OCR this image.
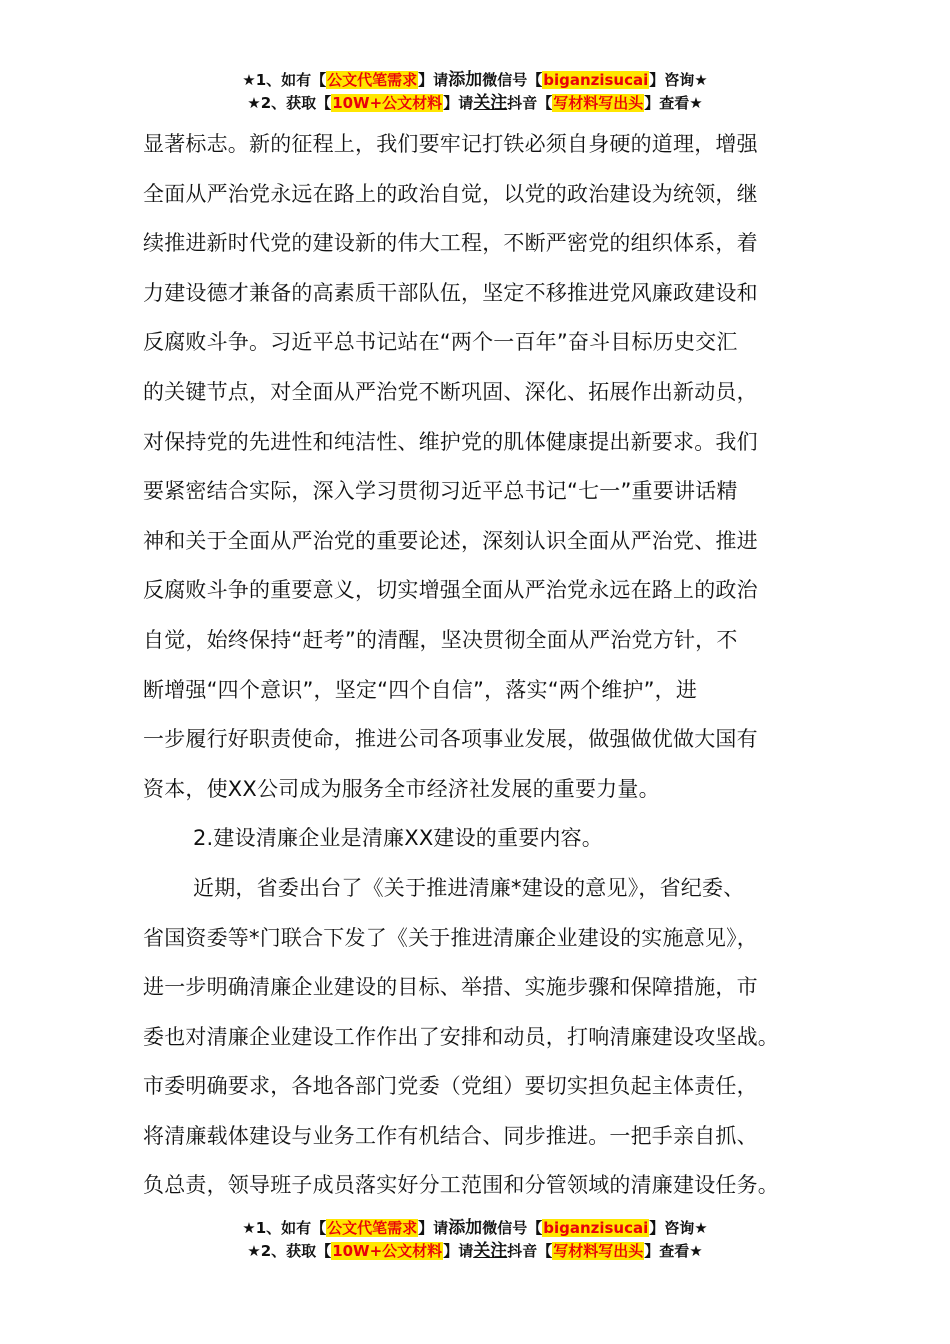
★1、如有【公文代笔需求】请添加微信号【biganzisucai】咨询★
★2、获取【10W+公文材料】请关注抖音【写材料写出头】查看★
显著标志。新的征程上，我们要牢记打铁必须自身硬的道理，增强
全面从严治党永远在路上的政治自觉，以党的政治建设为统领，继
续推进新时代党的建设新的伟大工程，不断严密党的组织体系，着
力建设德才兼备的高素质干部队伍，坚定不移推进党风廉政建设和
反腐败斗争。习近平总书记站在“两个一百年”奋斗目标历史交汇
的关键节点，对全面从严治党不断巩固、深化、拓展作出新动员，
对保持党的先进性和纯洁性、维护党的肌体健康提出新要求。我们
要紧密结合实际，深入学习贯彻习近平总书记“七一”重要讲话精
神和关于全面从严治党的重要论述，深刻认识全面从严治党、推进
反腐败斗争的重要意义，切实增强全面从严治党永远在路上的政治
自觉，始终保持“赶考”的清醒，坚决贯彻全面从严治党方针，不
断增强“四个意识”，坚定“四个自信”，落实“两个维护”，进
一步履行好职责使命，推进公司各项事业发展，做强做优做大国有
资本，使XX公司成为服务全市经济社发展的重要力量。
2.建设清廉企业是清廉XX建设的重要内容。
近期，省委出台了《关于推进清廉*建设的意见》，省纪委、
省国资委等*门联合下发了《关于推进清廉企业建设的实施意见》，
进一步明确清廉企业建设的目标、举措、实施步骤和保障措施，市
委也对清廉企业建设工作作出了安排和动员，打响清廉建设攻坚战。
市委明确要求，各地各部门党委（党组）要切实担负起主体责任，
将清廉载体建设与业务工作有机结合、同步推进。一把手亲自抓、
负总责，领导班子成员落实好分工范围和分管领域的清廉建设任务。
★1、如有【公文代笔需求】请添加微信号【biganzisucai】咨询★
★2、获取【10W+公文材料】请关注抖音【写材料写出头】查看★
